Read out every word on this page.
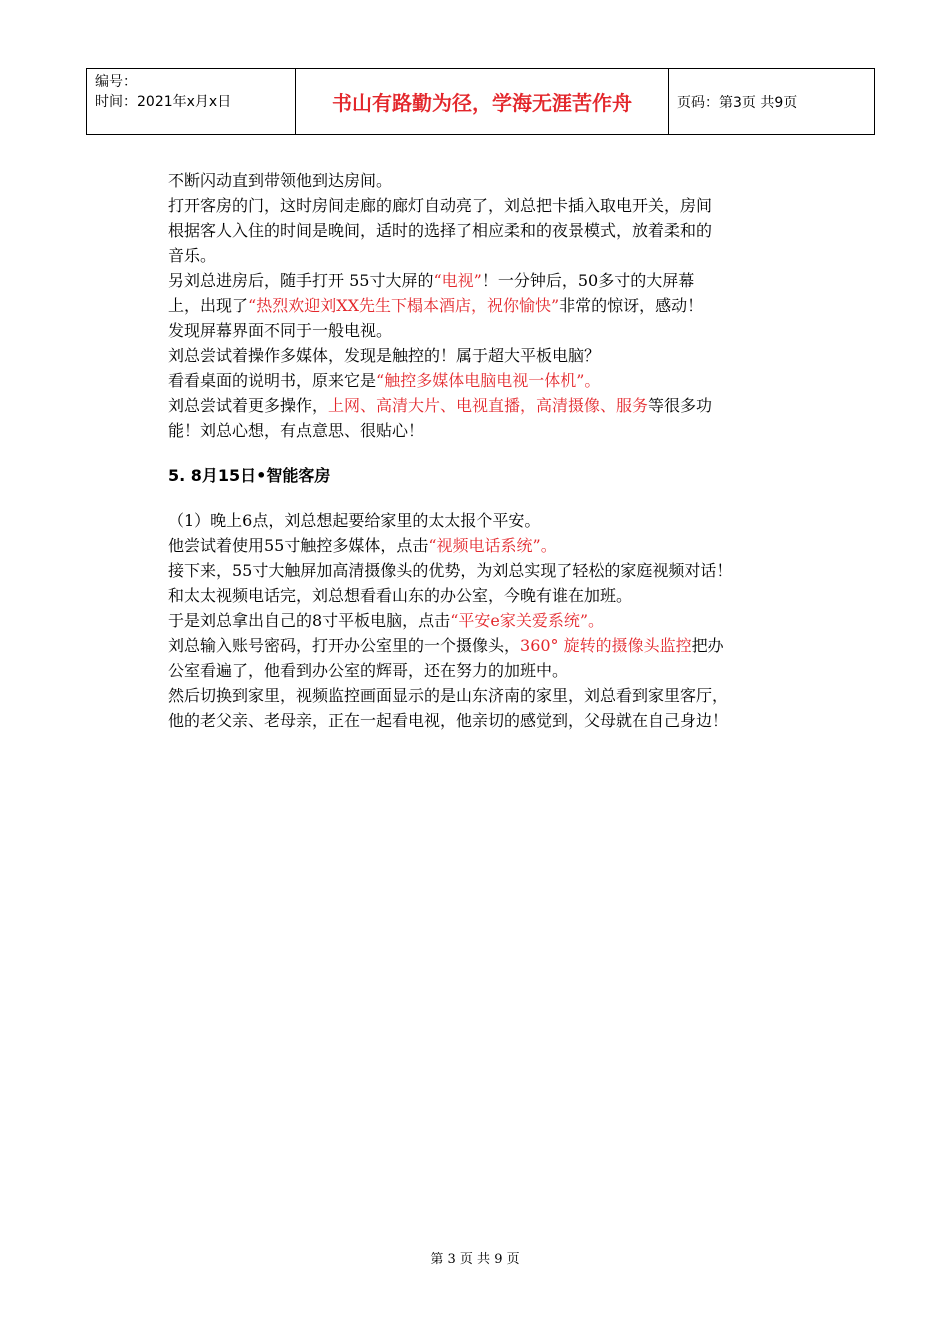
编号：
时间：2021年x月x日	书山有路勤为径，学海无涯苦作舟	页码：第3页 共9页

不断闪动直到带领他到达房间。

打开客房的门，这时房间走廊的廊灯自动亮了，刘总把卡插入取电开关，房间

根据客人入住的时间是晚间，适时的选择了相应柔和的夜景模式，放着柔和的

音乐。

另刘总进房后，随手打开 55寸大屏的“电视”！一分钟后，50多寸的大屏幕

上，出现了“热烈欢迎刘XX先生下榻本酒店，祝你愉快”非常的惊讶，感动！

发现屏幕界面不同于一般电视。

刘总尝试着操作多媒体，发现是触控的！属于超大平板电脑？

看看桌面的说明书，原来它是“触控多媒体电脑电视一体机”。

刘总尝试着更多操作，上网、高清大片、电视直播，高清摄像、服务等很多功

能！刘总心想，有点意思、很贴心！

5. 8月15日•智能客房

（1）晚上6点，刘总想起要给家里的太太报个平安。

他尝试着使用55寸触控多媒体，点击“视频电话系统”。

接下来，55寸大触屏加高清摄像头的优势，为刘总实现了轻松的家庭视频对话！

和太太视频电话完，刘总想看看山东的办公室，今晚有谁在加班。

于是刘总拿出自己的8寸平板电脑，点击“平安e家关爱系统”。

刘总输入账号密码，打开办公室里的一个摄像头，360° 旋转的摄像头监控把办

公室看遍了，他看到办公室的辉哥，还在努力的加班中。

然后切换到家里，视频监控画面显示的是山东济南的家里，刘总看到家里客厅，

他的老父亲、老母亲，正在一起看电视，他亲切的感觉到，父母就在自己身边！

第 3 页 共 9 页
